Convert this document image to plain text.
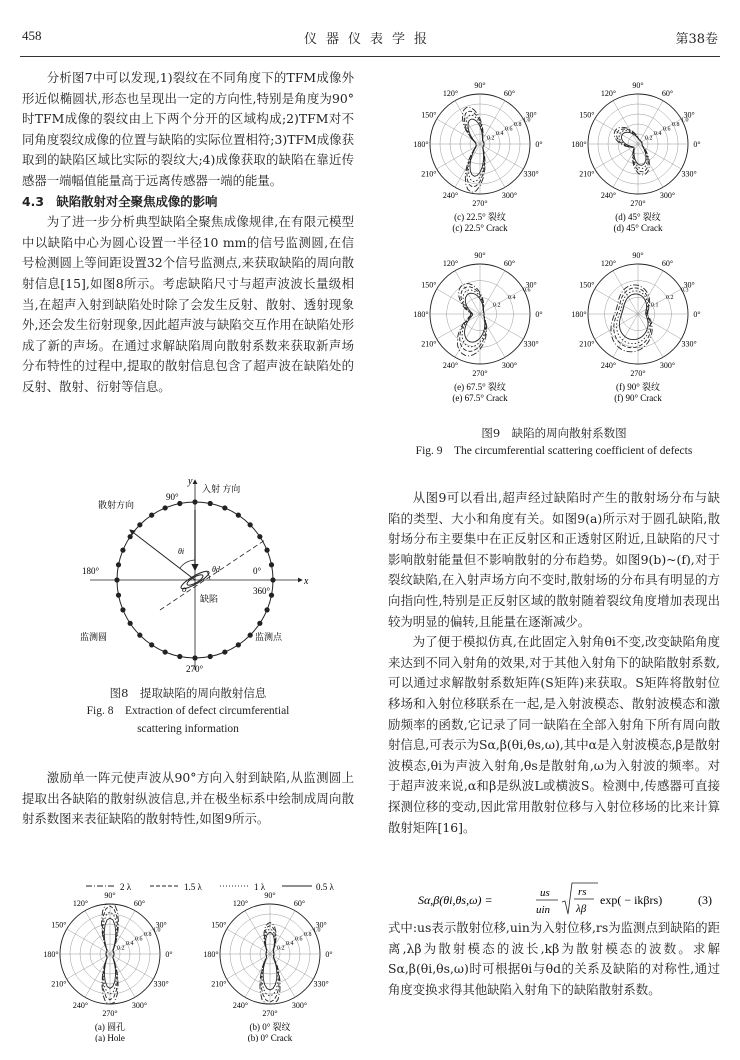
458	仪器仪表学报	第38卷

分析图7中可以发现,1)裂纹在不同角度下的TFM成像外形近似椭圆状,形态也呈现出一定的方向性,特别是角度为90°时TFM成像的裂纹由上下两个分开的区域构成;2)TFM对不同角度裂纹成像的位置与缺陷的实际位置相符;3)TFM成像获取到的缺陷区域比实际的裂纹大;4)成像获取的缺陷在靠近传感器一端幅值能量高于远离传感器一端的能量。

4.3　缺陷散射对全聚焦成像的影响

为了进一步分析典型缺陷全聚焦成像规律,在有限元模型中以缺陷中心为圆心设置一半径10 mm的信号监测圆,在信号检测圆上等间距设置32个信号监测点,来获取缺陷的周向散射信息[15],如图8所示。考虑缺陷尺寸与超声波波长量级相当,在超声入射到缺陷处时除了会发生反射、散射、透射现象外,还会发生衍射现象,因此超声波与缺陷交互作用在缺陷处形成了新的声场。在通过求解缺陷周向散射系数来获取新声场分布特性的过程中,提取的散射信息包含了超声波在缺陷处的反射、散射、衍射等信息。

y
x
o
90°
入射 方向
散射方向
180°	0°
360°
270°
缺陷
监测圆	监测点
θi
θd
图8　提取缺陷的周向散射信息
Fig. 8　Extraction of defect circumferential
scattering information

激励单一阵元使声波从90°方向入射到缺陷,从监测圆上提取出各缺陷的散射纵波信息,并在极坐标系中绘制成周向散射系数图来表征缺陷的散射特性,如图9所示。

2 λ	1.5 λ	1 λ	0.5 λ
90°
60°
30°
0°
330°
300°
270°
240°
210°
180°
150°
120°
0.2
0.4
0.6
0.8
1.0
(a) 圆孔
(a) Hole
90°
60°
30°
0°
330°
300°
270°
240°
210°
180°
150°
120°
0.2
0.4
0.6
0.8
1.0
(b) 0° 裂纹
(b) 0° Crack
90°
60°
30°
0°
330°
300°
270°
240°
210°
180°
150°
120°
0.2
0.4
0.6
0.8
1.0
(c) 22.5° 裂纹
(c) 22.5° Crack
90°
60°
30°
0°
330°
300°
270°
240°
210°
180°
150°
120°
0.2
0.4
0.6
0.8
1.0
(d) 45° 裂纹
(d) 45° Crack
90°
60°
30°
0°
330°
300°
270°
240°
210°
180°
150°
120°
0.2
0.4
0.6
(e) 67.5° 裂纹
(e) 67.5° Crack
90°
60°
30°
0°
330°
300°
270°
240°
210°
180°
150°
120°
0.1
0.2
0.3
(f) 90° 裂纹
(f) 90° Crack
图9　缺陷的周向散射系数图
Fig. 9　The circumferential scattering coefficient of defects

从图9可以看出,超声经过缺陷时产生的散射场分布与缺陷的类型、大小和角度有关。如图9(a)所示对于圆孔缺陷,散射场分布主要集中在正反射区和正透射区附近,且缺陷的尺寸影响散射能量但不影响散射的分布趋势。如图9(b)~(f),对于裂纹缺陷,在入射声场方向不变时,散射场的分布具有明显的方向指向性,特别是正反射区域的散射随着裂纹角度增加表现出较为明显的偏转,且能量在逐渐减少。

为了便于模拟仿真,在此固定入射角θi不变,改变缺陷角度来达到不同入射角的效果,对于其他入射角下的缺陷散射系数,可以通过求解散射系数矩阵(S矩阵)来获取。S矩阵将散射位移场和入射位移联系在一起,是入射波模态、散射波模态和激励频率的函数,它记录了同一缺陷在全部入射角下所有周向散射信息,可表示为Sα,β(θi,θs,ω),其中α是入射波模态,β是散射波模态,θi为声波入射角,θs是散射角,ω为入射波的频率。对于超声波来说,α和β是纵波L或横波S。检测中,传感器可直接探测位移的变动,因此常用散射位移与入射位移场的比来计算散射矩阵[16]。

Sα,β(θi,θs,ω) =	us
uin
rs
λβ
exp( − ikβrs)	(3)

式中:us表示散射位移,uin为入射位移,rs为监测点到缺陷的距离,λβ为散射模态的波长,kβ为散射模态的波数。求解Sα,β(θi,θs,ω)时可根据θi与θd的关系及缺陷的对称性,通过角度变换求得其他缺陷入射角下的缺陷散射系数。
